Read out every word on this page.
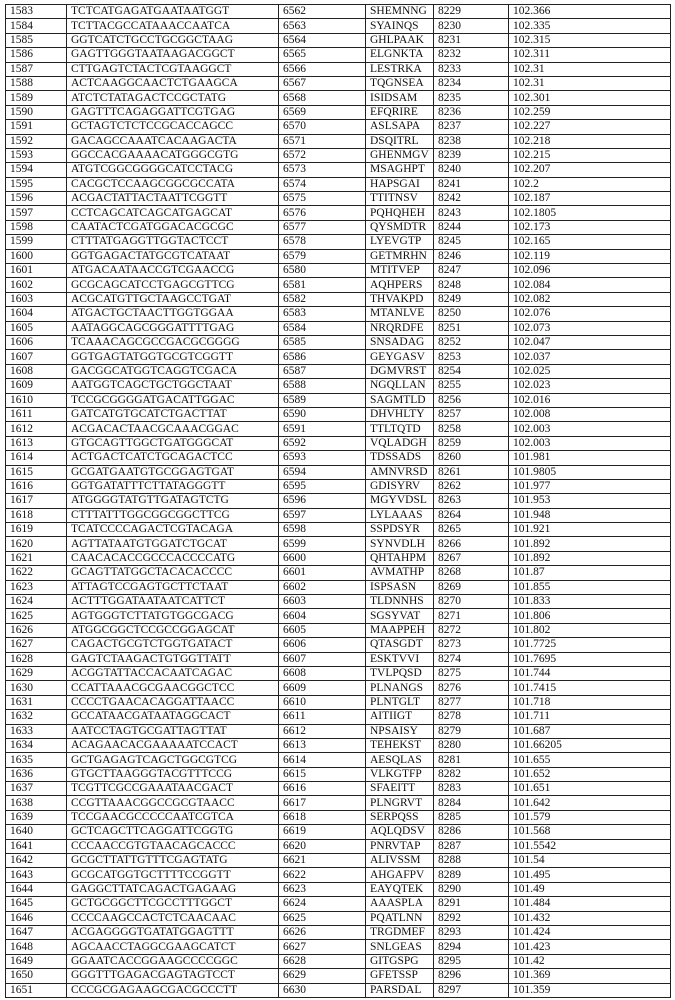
1583	TCTCATGAGATGAATAATGGT	6562	SHEMNNG	8229	102.366
1584	TCTTACGCCATAAACCAATCA	6563	SYAINQS	8230	102.335
1585	GGTCATCTGCCTGCGGCTAAG	6564	GHLPAAK	8231	102.315
1586	GAGTTGGGTAATAAGACGGCT	6565	ELGNKTA	8232	102.311
1587	CTTGAGTCTACTCGTAAGGCT	6566	LESTRKA	8233	102.31
1588	ACTCAAGGCAACTCTGAAGCA	6567	TQGNSEA	8234	102.31
1589	ATCTCTATAGACTCCGCTATG	6568	ISIDSAM	8235	102.301
1590	GAGTTTCAGAGGATTCGTGAG	6569	EFQRIRE	8236	102.259
1591	GCTAGTCTCTCCGCACCAGCC	6570	ASLSAPA	8237	102.227
1592	GACAGCCAAATCACAAGACTA	6571	DSQITRL	8238	102.218
1593	GGCCACGAAAACATGGGCGTG	6572	GHENMGV	8239	102.215
1594	ATGTCGGCGGGGCATCCTACG	6573	MSAGHPT	8240	102.207
1595	CACGCTCCAAGCGGCGCCATA	6574	HAPSGAI	8241	102.2
1596	ACGACTATTACTAATTCGGTT	6575	TTITNSV	8242	102.187
1597	CCTCAGCATCAGCATGAGCAT	6576	PQHQHEH	8243	102.1805
1598	CAATACTCGATGGACACGCGC	6577	QYSMDTR	8244	102.173
1599	CTTTATGAGGTTGGTACTCCT	6578	LYEVGTP	8245	102.165
1600	GGTGAGACTATGCGTCATAAT	6579	GETMRHN	8246	102.119
1601	ATGACAATAACCGTCGAACCG	6580	MTITVEP	8247	102.096
1602	GCGCAGCATCCTGAGCGTTCG	6581	AQHPERS	8248	102.084
1603	ACGCATGTTGCTAAGCCTGAT	6582	THVAKPD	8249	102.082
1604	ATGACTGCTAACTTGGTGGAA	6583	MTANLVE	8250	102.076
1605	AATAGGCAGCGGGATTTTGAG	6584	NRQRDFE	8251	102.073
1606	TCAAACAGCGCCGACGCGGGG	6585	SNSADAG	8252	102.047
1607	GGTGAGTATGGTGCGTCGGTT	6586	GEYGASV	8253	102.037
1608	GACGGCATGGTCAGGTCGACA	6587	DGMVRST	8254	102.025
1609	AATGGTCAGCTGCTGGCTAAT	6588	NGQLLAN	8255	102.023
1610	TCCGCGGGGATGACATTGGAC	6589	SAGMTLD	8256	102.016
1611	GATCATGTGCATCTGACTTAT	6590	DHVHLTY	8257	102.008
1612	ACGACACTAACGCAAACGGAC	6591	TTLTQTD	8258	102.003
1613	GTGCAGTTGGCTGATGGGCAT	6592	VQLADGH	8259	102.003
1614	ACTGACTCATCTGCAGACTCC	6593	TDSSADS	8260	101.981
1615	GCGATGAATGTGCGGAGTGAT	6594	AMNVRSD	8261	101.9805
1616	GGTGATATTTCTTATAGGGTT	6595	GDISYRV	8262	101.977
1617	ATGGGGTATGTTGATAGTCTG	6596	MGYVDSL	8263	101.953
1618	CTTTATTTGGCGGCGGCTTCG	6597	LYLAAAS	8264	101.948
1619	TCATCCCCAGACTCGTACAGA	6598	SSPDSYR	8265	101.921
1620	AGTTATAATGTGGATCTGCAT	6599	SYNVDLH	8266	101.892
1621	CAACACACCGCCCACCCCATG	6600	QHTAHPM	8267	101.892
1622	GCAGTTATGGCTACACACCCC	6601	AVMATHP	8268	101.87
1623	ATTAGTCCGAGTGCTTCTAAT	6602	ISPSASN	8269	101.855
1624	ACTTTGGATAATAATCATTCT	6603	TLDNNHS	8270	101.833
1625	AGTGGGTCTTATGTGGCGACG	6604	SGSYVAT	8271	101.806
1626	ATGGCGGCTCCGCCGGAGCAT	6605	MAAPPEH	8272	101.802
1627	CAGACTGCGTCTGGTGATACT	6606	QTASGDT	8273	101.7725
1628	GAGTCTAAGACTGTGGTTATT	6607	ESKTVVI	8274	101.7695
1629	ACGGTATTACCACAATCAGAC	6608	TVLPQSD	8275	101.744
1630	CCATTAAACGCGAACGGCTCC	6609	PLNANGS	8276	101.7415
1631	CCCCTGAACACAGGATTAACC	6610	PLNTGLT	8277	101.718
1632	GCCATAACGATAATAGGCACT	6611	AITIIGT	8278	101.711
1633	AATCCTAGTGCGATTAGTTAT	6612	NPSAISY	8279	101.687
1634	ACAGAACACGAAAAATCCACT	6613	TEHEKST	8280	101.66205
1635	GCTGAGAGTCAGCTGGCGTCG	6614	AESQLAS	8281	101.655
1636	GTGCTTAAGGGTACGTTTCCG	6615	VLKGTFP	8282	101.652
1637	TCGTTCGCCGAAATAACGACT	6616	SFAEITT	8283	101.651
1638	CCGTTAAACGGCCGCGTAACC	6617	PLNGRVT	8284	101.642
1639	TCCGAACGCCCCCAATCGTCA	6618	SERPQSS	8285	101.579
1640	GCTCAGCTTCAGGATTCGGTG	6619	AQLQDSV	8286	101.568
1641	CCCAACCGTGTAACAGCACCC	6620	PNRVTAP	8287	101.5542
1642	GCGCTTATTGTTTCGAGTATG	6621	ALIVSSM	8288	101.54
1643	GCGCATGGTGCTTTTCCGGTT	6622	AHGAFPV	8289	101.495
1644	GAGGCTTATCAGACTGAGAAG	6623	EAYQTEK	8290	101.49
1645	GCTGCGGCTTCGCCTTTGGCT	6624	AAASPLA	8291	101.484
1646	CCCCAAGCCACTCTCAACAAC	6625	PQATLNN	8292	101.432
1647	ACGAGGGGTGATATGGAGTTT	6626	TRGDMEF	8293	101.424
1648	AGCAACCTAGGCGAAGCATCT	6627	SNLGEAS	8294	101.423
1649	GGAATCACCGGAAGCCCCGGC	6628	GITGSPG	8295	101.42
1650	GGGTTTGAGACGAGTAGTCCT	6629	GFETSSP	8296	101.369
1651	CCCGCGAGAAGCGACGCCCTT	6630	PARSDAL	8297	101.359
